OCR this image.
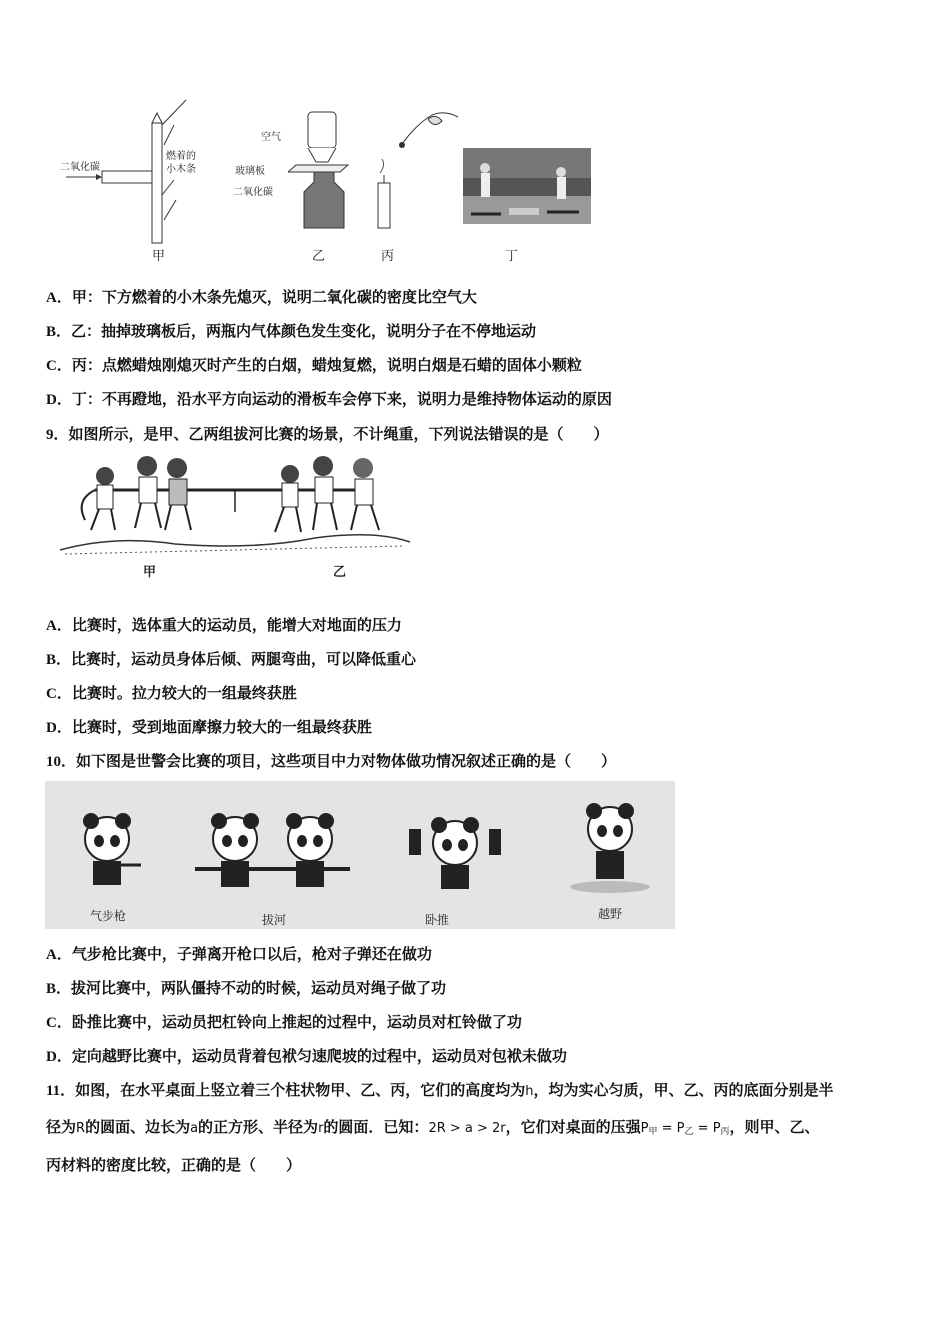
二氧化碳
燃着的
小木条
甲
空气
玻璃板
二氧化碳
乙	丙	丁
A．甲：下方燃着的小木条先熄灭，说明二氧化碳的密度比空气大
B．乙：抽掉玻璃板后，两瓶内气体颜色发生变化，说明分子在不停地运动
C．丙：点燃蜡烛刚熄灭时产生的白烟，蜡烛复燃，说明白烟是石蜡的固体小颗粒
D．丁：不再蹬地，沿水平方向运动的滑板车会停下来，说明力是维持物体运动的原因
9．如图所示，是甲、乙两组拔河比赛的场景，不计绳重，下列说法错误的是（　　）
甲	乙
A．比赛时，选体重大的运动员，能增大对地面的压力
B．比赛时，运动员身体后倾、两腿弯曲，可以降低重心
C．比赛时。拉力较大的一组最终获胜
D．比赛时，受到地面摩擦力较大的一组最终获胜
10．如下图是世警会比赛的项目，这些项目中力对物体做功情况叙述正确的是（　　）
气步枪	拔河	卧推	越野
A．气步枪比赛中，子弹离开枪口以后，枪对子弹还在做功
B．拔河比赛中，两队僵持不动的时候，运动员对绳子做了功
C．卧推比赛中，运动员把杠铃向上推起的过程中，运动员对杠铃做了功
D．定向越野比赛中，运动员背着包袱匀速爬坡的过程中，运动员对包袱未做功
11．如图，在水平桌面上竖立着三个柱状物甲、乙、丙，它们的高度均为h，均为实心匀质，甲、乙、丙的底面分别是半
径为R的圆面、边长为a的正方形、半径为r的圆面．已知：2R > a > 2r，它们对桌面的压强$P_甲 = P_乙 = P_丙$，则甲、乙、
丙材料的密度比较，正确的是（　　）
